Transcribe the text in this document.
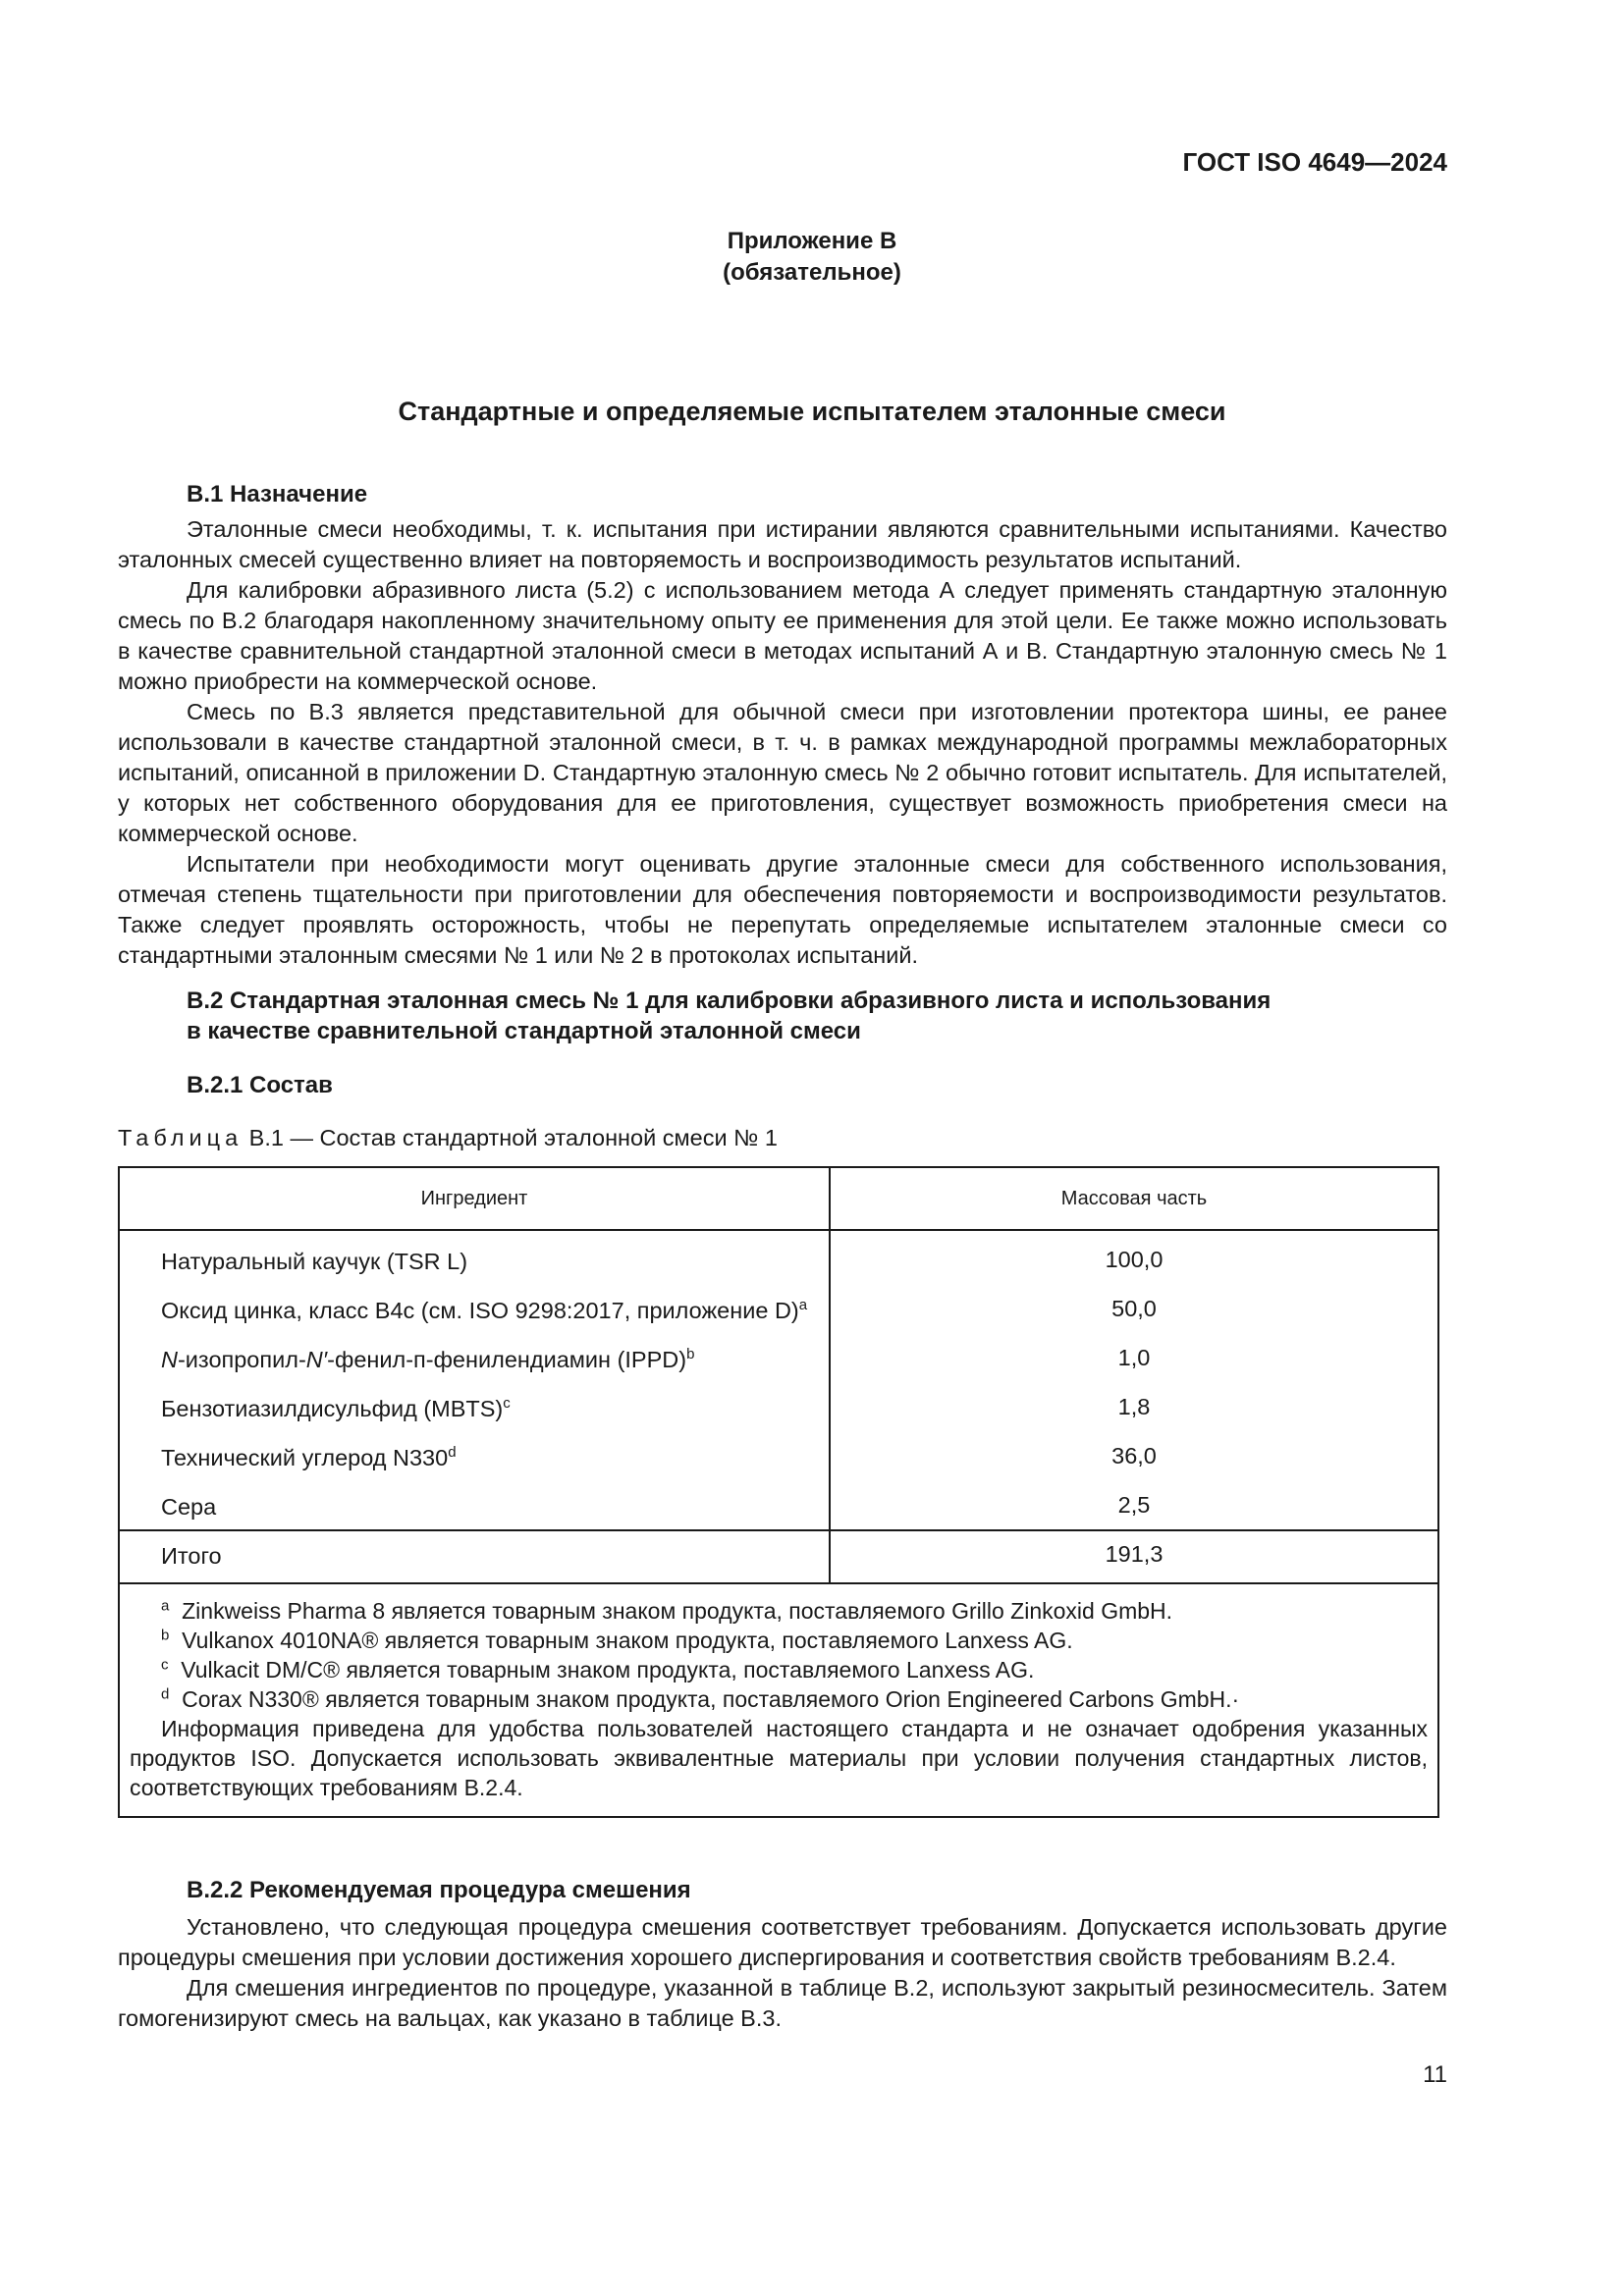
ГОСТ ISO 4649—2024
Приложение В
(обязательное)
Стандартные и определяемые испытателем эталонные смеси
В.1 Назначение

Эталонные смеси необходимы, т. к. испытания при истирании являются сравнительными испытаниями. Качество эталонных смесей существенно влияет на повторяемость и воспроизводимость результатов испытаний.

Для калибровки абразивного листа (5.2) с использованием метода А следует применять стандартную эталонную смесь по В.2 благодаря накопленному значительному опыту ее применения для этой цели. Ее также можно использовать в качестве сравнительной стандартной эталонной смеси в методах испытаний А и В. Стандартную эталонную смесь № 1 можно приобрести на коммерческой основе.

Смесь по В.3 является представительной для обычной смеси при изготовлении протектора шины, ее ранее использовали в качестве стандартной эталонной смеси, в т. ч. в рамках международной программы межлабораторных испытаний, описанной в приложении D. Стандартную эталонную смесь № 2 обычно готовит испытатель. Для испытателей, у которых нет собственного оборудования для ее приготовления, существует возможность приобретения смеси на коммерческой основе.

Испытатели при необходимости могут оценивать другие эталонные смеси для собственного использования, отмечая степень тщательности при приготовлении для обеспечения повторяемости и воспроизводимости результатов. Также следует проявлять осторожность, чтобы не перепутать определяемые испытателем эталонные смеси со стандартными эталонным смесями № 1 или № 2 в протоколах испытаний.

В.2 Стандартная эталонная смесь № 1 для калибровки абразивного листа и использования
в качестве сравнительной стандартной эталонной смеси
В.2.1 Состав
Таблица В.1 — Состав стандартной эталонной смеси № 1
Ингредиент	Массовая часть
Натуральный каучук (TSR L)	100,0
Оксид цинка, класс В4с (см. ISO 9298:2017, приложение D)$^a$	50,0
N-изопропил-N′-фенил-п-фенилендиамин (IPPD)$^b$	1,0
Бензотиазилдисульфид (MBTS)$^c$	1,8
Технический углерод N330$^d$	36,0
Сера	2,5
Итого	191,3

$^a$ Zinkweiss Pharma 8 является товарным знаком продукта, поставляемого Grillo Zinkoxid GmbH.
$^b$ Vulkanox 4010NA® является товарным знаком продукта, поставляемого Lanxess AG.
$^c$ Vulkacit DM/C® является товарным знаком продукта, поставляемого Lanxess AG.
$^d$ Corax N330® является товарным знаком продукта, поставляемого Orion Engineered Carbons GmbH.·
Информация приведена для удобства пользователей настоящего стандарта и не означает одобрения указанных продуктов ISO. Допускается использовать эквивалентные материалы при условии получения стандартных листов, соответствующих требованиям В.2.4.	
В.2.2 Рекомендуемая процедура смешения

Установлено, что следующая процедура смешения соответствует требованиям. Допускается использовать другие процедуры смешения при условии достижения хорошего диспергирования и соответствия свойств требованиям В.2.4.

Для смешения ингредиентов по процедуре, указанной в таблице В.2, используют закрытый резиносмеситель. Затем гомогенизируют смесь на вальцах, как указано в таблице В.3.

11
